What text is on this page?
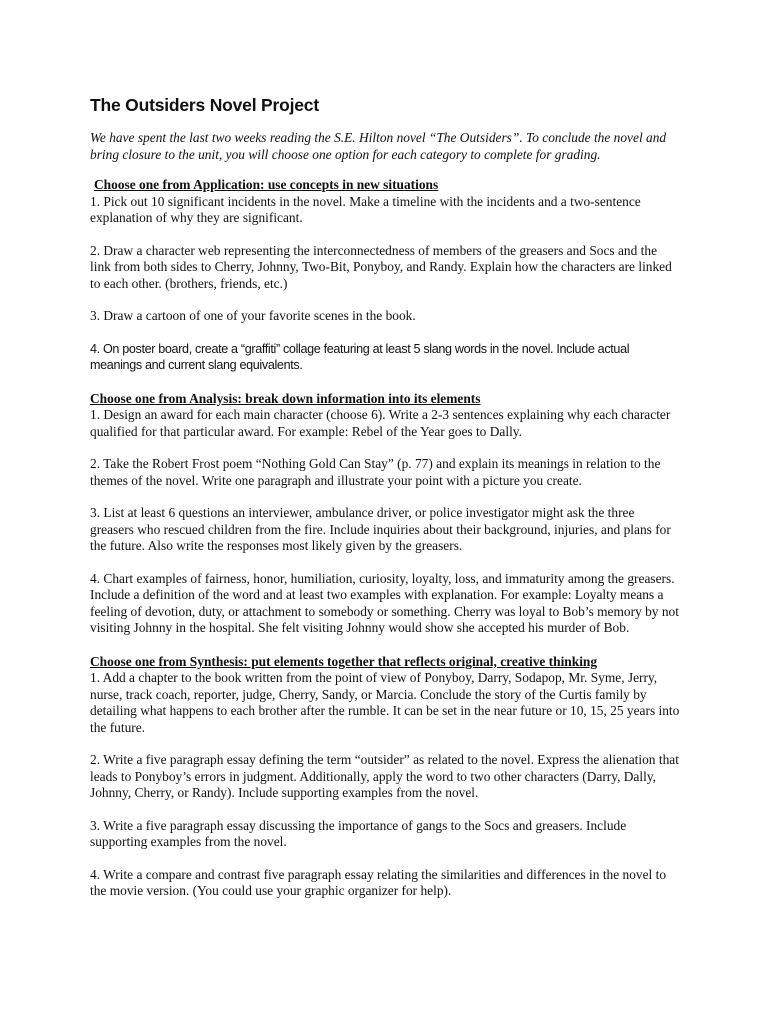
The Outsiders Novel Project

We have spent the last two weeks reading the S.E. Hilton novel “The Outsiders”. To conclude the novel and bring closure to the unit, you will choose one option for each category to complete for grading.

Choose one from Application: use concepts in new situations

1. Pick out 10 significant incidents in the novel. Make a timeline with the incidents and a two-sentence explanation of why they are significant.

2. Draw a character web representing the interconnectedness of members of the greasers and Socs and the link from both sides to Cherry, Johnny, Two-Bit, Ponyboy, and Randy. Explain how the characters are linked to each other. (brothers, friends, etc.)

3. Draw a cartoon of one of your favorite scenes in the book.

4. On poster board, create a “graffiti” collage featuring at least 5 slang words in the novel. Include actual meanings and current slang equivalents.

Choose one from Analysis: break down information into its elements

1. Design an award for each main character (choose 6). Write a 2-3 sentences explaining why each character qualified for that particular award. For example: Rebel of the Year goes to Dally.

2. Take the Robert Frost poem “Nothing Gold Can Stay” (p. 77) and explain its meanings in relation to the themes of the novel. Write one paragraph and illustrate your point with a picture you create.

3. List at least 6 questions an interviewer, ambulance driver, or police investigator might ask the three greasers who rescued children from the fire. Include inquiries about their background, injuries, and plans for the future. Also write the responses most likely given by the greasers.

4. Chart examples of fairness, honor, humiliation, curiosity, loyalty, loss, and immaturity among the greasers. Include a definition of the word and at least two examples with explanation. For example: Loyalty means a feeling of devotion, duty, or attachment to somebody or something. Cherry was loyal to Bob’s memory by not visiting Johnny in the hospital. She felt visiting Johnny would show she accepted his murder of Bob.

Choose one from Synthesis: put elements together that reflects original, creative thinking

1. Add a chapter to the book written from the point of view of Ponyboy, Darry, Sodapop, Mr. Syme, Jerry, nurse, track coach, reporter, judge, Cherry, Sandy, or Marcia. Conclude the story of the Curtis family by detailing what happens to each brother after the rumble. It can be set in the near future or 10, 15, 25 years into the future.

2. Write a five paragraph essay defining the term “outsider” as related to the novel. Express the alienation that leads to Ponyboy’s errors in judgment. Additionally, apply the word to two other characters (Darry, Dally, Johnny, Cherry, or Randy). Include supporting examples from the novel.

3. Write a five paragraph essay discussing the importance of gangs to the Socs and greasers. Include supporting examples from the novel.

4. Write a compare and contrast five paragraph essay relating the similarities and differences in the novel to the movie version. (You could use your graphic organizer for help).
